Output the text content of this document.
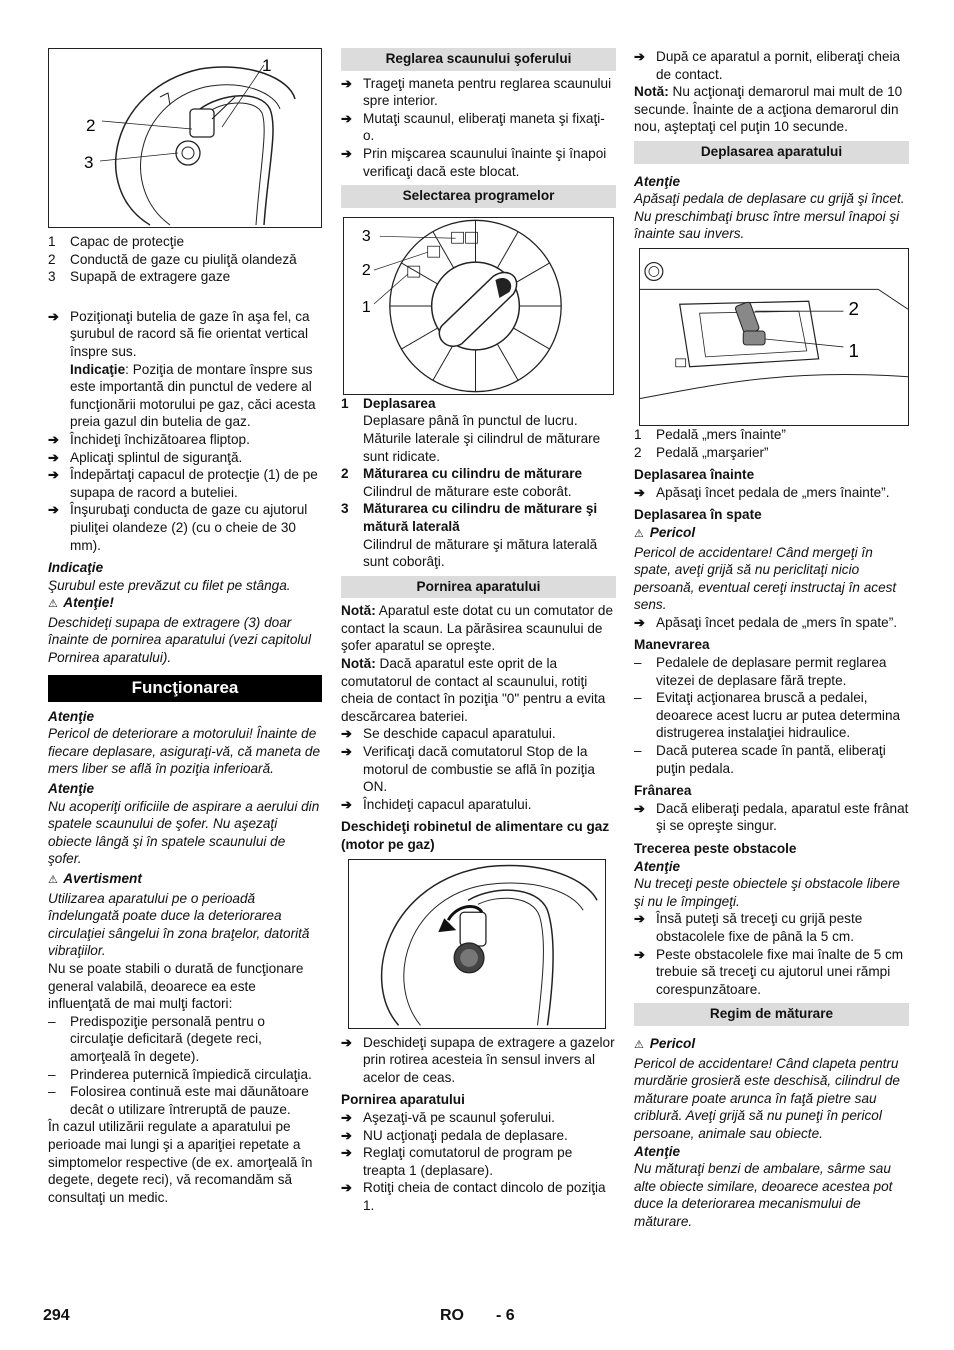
1
2
3
1	Capac de protecţie
2	Conductă de gaze cu piuliţă olandeză
3	Supapă de extragere gaze
➔ Poziţionaţi butelia de gaze în aşa fel, ca şurubul de racord să fie orientat vertical înspre sus.
Indicaţie: Poziţia de montare înspre sus este importantă din punctul de vedere al funcţionării motorului pe gaz, căci acesta preia gazul din butelia de gaz.
➔ Închideţi închizătoarea fliptop.
➔ Aplicaţi splintul de siguranţă.
➔ Îndepărtaţi capacul de protecţie (1) de pe supapa de racord a buteliei.
➔ Înşurubaţi conducta de gaze cu ajutorul piuliţei olandeze (2) (cu o cheie de 30 mm).
Indicaţie
Şurubul este prevăzut cu filet pe stânga.
⚠ Atenţie!
Deschideţi supapa de extragere (3) doar înainte de pornirea aparatului (vezi capitolul Pornirea aparatului).
Funcţionarea
Atenţie
Pericol de deteriorare a motorului! Înainte de fiecare deplasare, asiguraţi-vă, că maneta de mers liber se află în poziţia inferioară.
Atenţie
Nu acoperiţi orificiile de aspirare a aerului din spatele scaunului de şofer. Nu aşezaţi obiecte lângă şi în spatele scaunului de şofer.
⚠ Avertisment
Utilizarea aparatului pe o perioadă îndelungată poate duce la deteriorarea circulaţiei sângelui în zona braţelor, datorită vibraţiilor.
Nu se poate stabili o durată de funcţionare general valabilă, deoarece ea este influenţată de mai mulţi factori:
–	Predispoziţie personală pentru o circulaţie deficitară (degete reci, amorţeală în degete).
–	Prinderea puternică împiedică circulaţia.
–	Folosirea continuă este mai dăunătoare decât o utilizare întreruptă de pauze.
În cazul utilizării regulate a aparatului pe perioade mai lungi şi a apariţiei repetate a simptomelor respective (de ex. amorţeală în degete, degete reci), vă recomandăm să consultaţi un medic.
Reglarea scaunului şoferului
➔ Trageţi maneta pentru reglarea scaunului spre interior.
➔ Mutaţi scaunul, eliberaţi maneta şi fixaţi-o.
➔ Prin mişcarea scaunului înainte şi înapoi verificaţi dacă este blocat.
Selectarea programelor
3
2
1
1	Deplasarea
Deplasare până în punctul de lucru. Măturile laterale şi cilindrul de măturare sunt ridicate.
2	Măturarea cu cilindru de măturare
Cilindrul de măturare este coborât.
3	Măturarea cu cilindru de măturare şi mătură laterală
Cilindrul de măturare şi mătura laterală sunt coborâţi.
Pornirea aparatului
Notă: Aparatul este dotat cu un comutator de contact la scaun. La părăsirea scaunului de şofer aparatul se opreşte.
Notă: Dacă aparatul este oprit de la comutatorul de contact al scaunului, rotiţi cheia de contact în poziţia "0" pentru a evita descărcarea bateriei.
➔ Se deschide capacul aparatului.
➔ Verificaţi dacă comutatorul Stop de la motorul de combustie se află în poziţia ON.
➔ Închideţi capacul aparatului.
Deschideţi robinetul de alimentare cu gaz (motor pe gaz)
➔ Deschideţi supapa de extragere a gazelor prin rotirea acesteia în sensul invers al acelor de ceas.
Pornirea aparatului
➔ Aşezaţi-vă pe scaunul şoferului.
➔ NU acţionaţi pedala de deplasare.
➔ Reglaţi comutatorul de program pe treapta 1 (deplasare).
➔ Rotiţi cheia de contact dincolo de poziţia 1.
➔ După ce aparatul a pornit, eliberaţi cheia de contact.
Notă: Nu acţionaţi demarorul mai mult de 10 secunde. Înainte de a acţiona demarorul din nou, aşteptaţi cel puţin 10 secunde.
Deplasarea aparatului
Atenţie
Apăsaţi pedala de deplasare cu grijă şi încet. Nu preschimbaţi brusc între mersul înapoi şi înainte sau invers.
2
1
1	Pedală „mers înainte”
2	Pedală „marşarier”
Deplasarea înainte
➔ Apăsaţi încet pedala de „mers înainte”.
Deplasarea în spate
⚠ Pericol
Pericol de accidentare! Când mergeţi în spate, aveţi grijă să nu periclitaţi nicio persoană, eventual cereţi instructaj în acest sens.
➔ Apăsaţi încet pedala de „mers în spate”.
Manevrarea
–	Pedalele de deplasare permit reglarea vitezei de deplasare fără trepte.
–	Evitaţi acţionarea bruscă a pedalei, deoarece acest lucru ar putea determina distrugerea instalaţiei hidraulice.
–	Dacă puterea scade în pantă, eliberaţi puţin pedala.
Frânarea
➔ Dacă eliberaţi pedala, aparatul este frânat şi se opreşte singur.
Trecerea peste obstacole
Atenţie
Nu treceţi peste obiectele şi obstacole libere şi nu le împingeţi.
➔ Însă puteţi să treceţi cu grijă peste obstacolele fixe de până la 5 cm.
➔ Peste obstacolele fixe mai înalte de 5 cm trebuie să treceţi cu ajutorul unei rămpi corespunzătoare.
Regim de măturare
⚠ Pericol
Pericol de accidentare! Când clapeta pentru murdărie grosieră este deschisă, cilindrul de măturare poate arunca în faţă pietre sau criblură. Aveţi grijă să nu puneţi în pericol persoane, animale sau obiecte.
Atenţie
Nu măturaţi benzi de ambalare, sârme sau alte obiecte similare, deoarece acestea pot duce la deteriorarea mecanismului de măturare.
294	RO - 6
